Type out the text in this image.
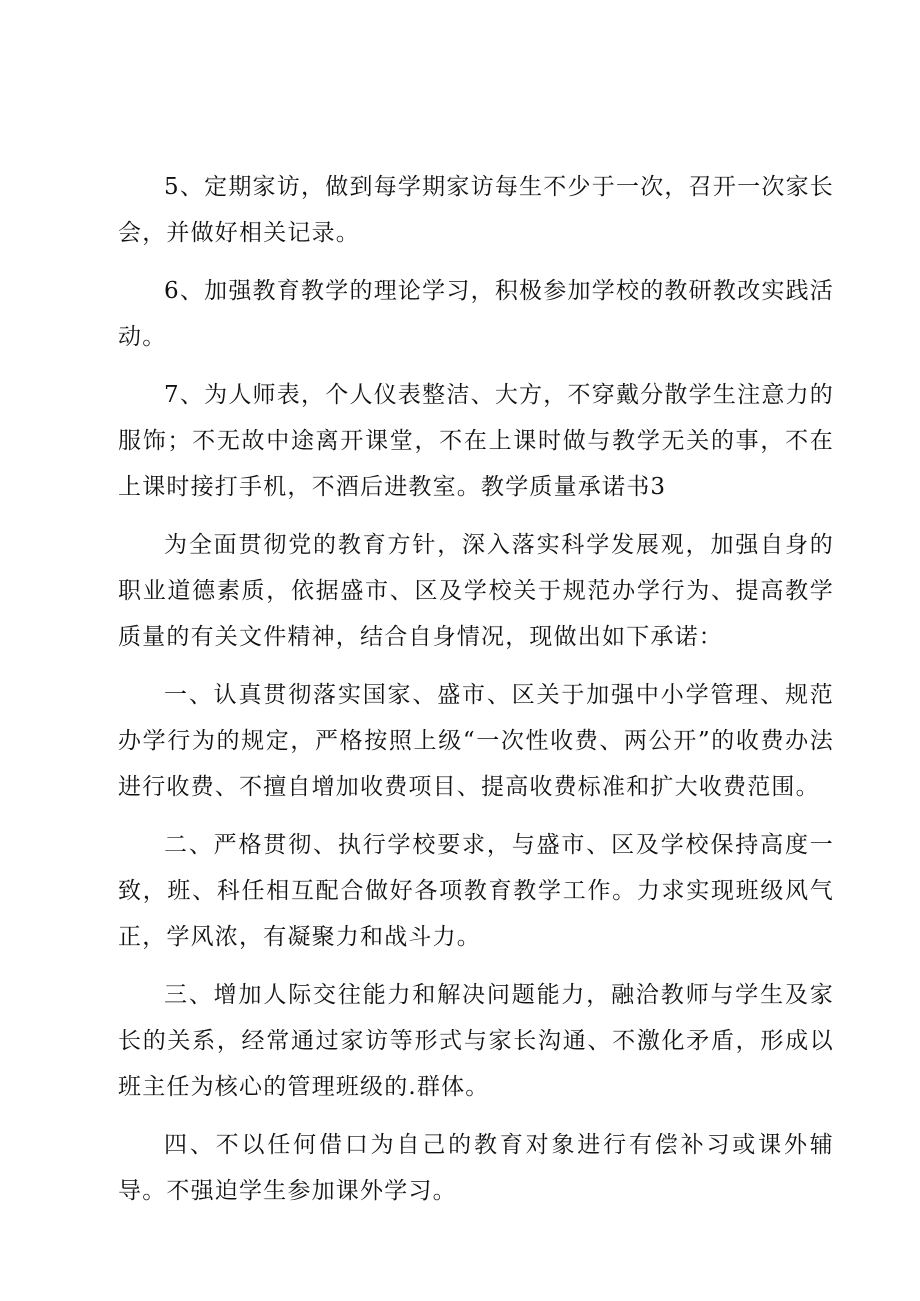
5、定期家访，做到每学期家访每生不少于一次，召开一次家长会，并做好相关记录。

6、加强教育教学的理论学习，积极参加学校的教研教改实践活动。

7、为人师表，个人仪表整洁、大方，不穿戴分散学生注意力的服饰；不无故中途离开课堂，不在上课时做与教学无关的事，不在上课时接打手机，不酒后进教室。教学质量承诺书3

为全面贯彻党的教育方针，深入落实科学发展观，加强自身的职业道德素质，依据盛市、区及学校关于规范办学行为、提高教学质量的有关文件精神，结合自身情况，现做出如下承诺：

一、认真贯彻落实国家、盛市、区关于加强中小学管理、规范办学行为的规定，严格按照上级“一次性收费、两公开”的收费办法进行收费、不擅自增加收费项目、提高收费标准和扩大收费范围。

二、严格贯彻、执行学校要求，与盛市、区及学校保持高度一致，班、科任相互配合做好各项教育教学工作。力求实现班级风气正，学风浓，有凝聚力和战斗力。

三、增加人际交往能力和解决问题能力，融洽教师与学生及家长的关系，经常通过家访等形式与家长沟通、不激化矛盾，形成以班主任为核心的管理班级的.群体。

四、不以任何借口为自己的教育对象进行有偿补习或课外辅导。不强迫学生参加课外学习。
